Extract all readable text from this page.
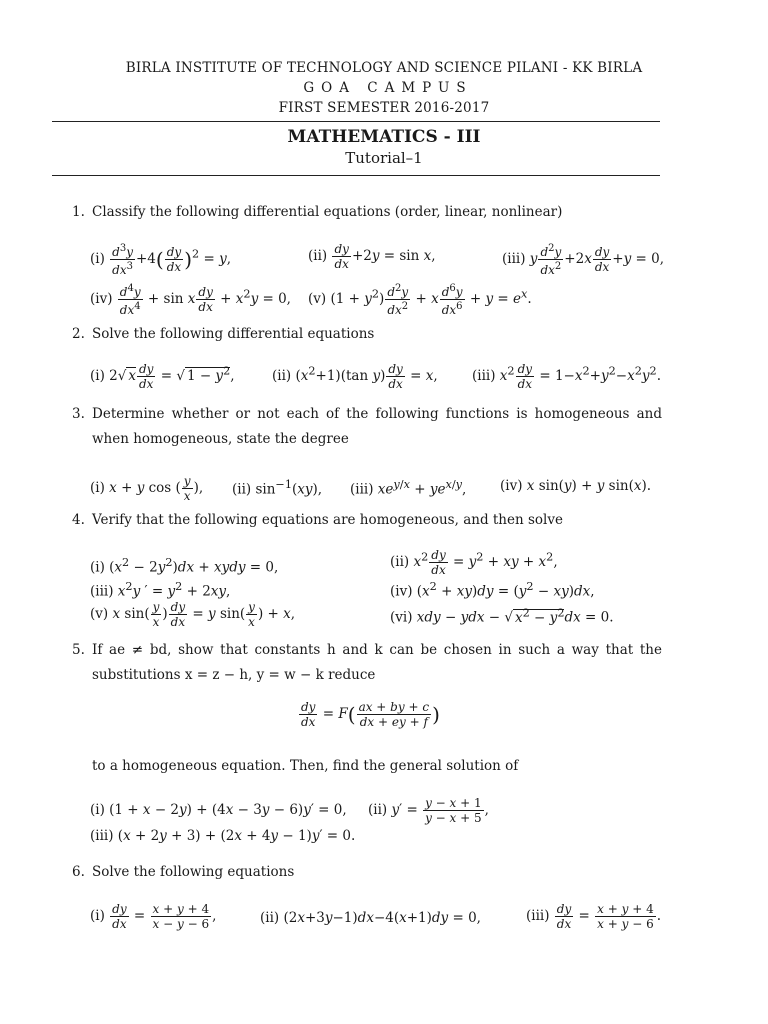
BIRLA INSTITUTE OF TECHNOLOGY AND SCIENCE PILANI - KK BIRLA
GOA CAMPUS
FIRST SEMESTER 2016-2017
MATHEMATICS - III
Tutorial–1
1. Classify the following differential equations (order, linear, nonlinear)
$(i) \frac{d^3y}{dx^3} +4( \frac{dy}{dx} )^2 = y$,	$(ii) \frac{dy}{dx} +2y = \sin x$,	(iii) y $\frac{d^2y}{dx^2} +2x \frac{dy}{dx} +y = 0$,
$(iv) \frac{d^4y}{dx^4} + \sin x \frac{dy}{dx} + x^2y = 0$, (v) $(1 + y^2) \frac{d^2y}{dx^2} + x \frac{d^6y}{dx^6} + y = e^x$.
2. Solve the following differential equations
(i) 2√ x $\frac{dy}{dx}$ = √ $1 - y^2$,	(ii) $(x^2+1)(\tan$ $y) \frac{dy}{dx} = x$,	(iii) $x^2 \frac{dy}{dx} = 1-x^2+y^2-x^2y^2$.
3. Determine whether or not each of the following functions is homogeneous and when homogeneous, state the degree
(i) x + y cos ( $\frac{y}{x}$ ), (ii) $\sin^{-1}(xy)$, (iii) $xe^{y/x} + ye^{x/y}$, (iv) x sin(y) + y sin(x).
4. Verify that the following equations are homogeneous, and then solve
(i) $(x^2 - 2y^2)dx$ + xydy = 0,	(ii) $x^2 \frac{dy}{dx} = y^2$ + xy + $x^2$,
(iii) $x^2y$ ′ = $y^2 + 2xy$,	(iv) $(x^2 + xy)dy = (y^2 - xy)dx$,
(v) x $\sin( \frac{y}{x}$ ) $\frac{dy}{dx} = y$ $\sin( \frac{y}{x}$ ) + x,	(vi) xdy − ydx − √ $x^2 - y^2dx = 0$.
5. If ae ≠ bd, show that constants h and k can be chosen in such a way that the substitutions x = z − h, y = w − k reduce
$\frac{dy}{dx} = F( \frac{ax + by + c}{dx + ey + f}$ )
to a homogeneous equation. Then, find the general solution of
(i) (1 + x − 2y) + (4x − 3y − 6)y′ = 0, (ii) $y' = \frac{y - x + 1}{y - x + 5}$ ,
(iii) (x + 2y + 3) + (2x + 4y − 1)y′ = 0.
6. Solve the following equations
$(i) \frac{dy}{dx} = \frac{x + y + 4}{x - y - 6}$ ,	(ii) (2x+3y−1)dx−4(x+1)dy = 0,	$(iii) \frac{dy}{dx} = \frac{x + y + 4}{x + y - 6}$ .
